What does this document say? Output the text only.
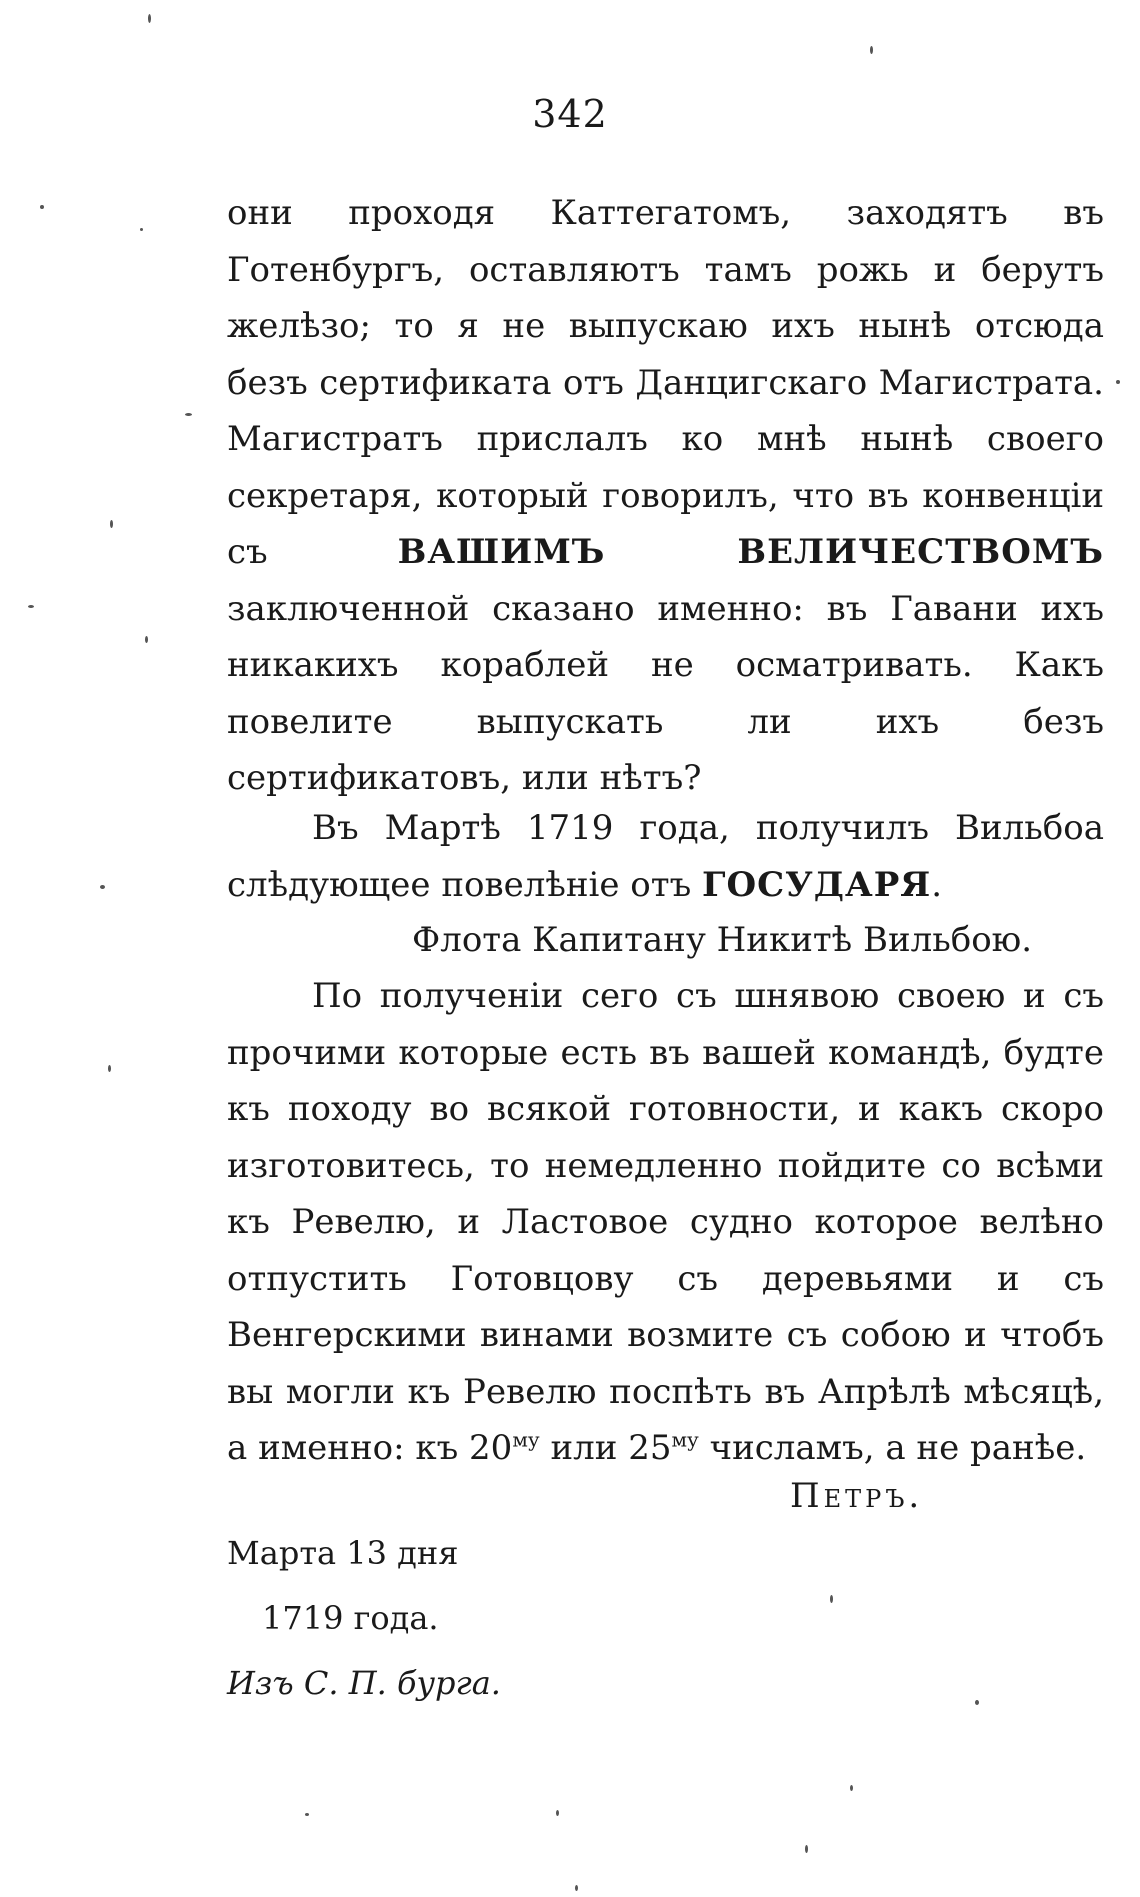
342

они проходя Каттегатомъ, заходятъ въ Готенбургъ, оставляютъ тамъ рожь и берутъ желѣзо; то я не выпускаю ихъ нынѣ отсюда безъ сертификата отъ Данцигскаго Магистрата. Магистратъ прислалъ ко мнѣ нынѣ своего секретаря, который говорилъ, что въ конвенціи съ ВАШИМЪ ВЕЛИЧЕСТВОМЪ заключенной сказано именно: въ Гавани ихъ никакихъ кораблей не осматривать. Какъ повелите выпускать ли ихъ безъ сертификатовъ, или нѣтъ?

Въ Мартѣ 1719 года, получилъ Вильбоа слѣдующее повелѣніе отъ ГОСУДАРЯ.

Флота Капитану Никитѣ Вильбою.

По полученіи сего съ шнявою своею и съ прочими которые есть въ вашей командѣ, будте къ походу во всякой готовности, и какъ скоро изготовитесь, то немедленно пойдите со всѣми къ Ревелю, и Ластовое судно которое велѣно отпустить Готовцову съ деревьями и съ Венгерскими винами возмите съ собою и чтобъ вы могли къ Ревелю поспѣть въ Апрѣлѣ мѣсяцѣ, а именно: къ $20^{му}$ или $25^{му}$ числамъ, а не ранѣе.

Петръ.
Марта 13 дня
1719 года.
Изъ С. П. бурга.
